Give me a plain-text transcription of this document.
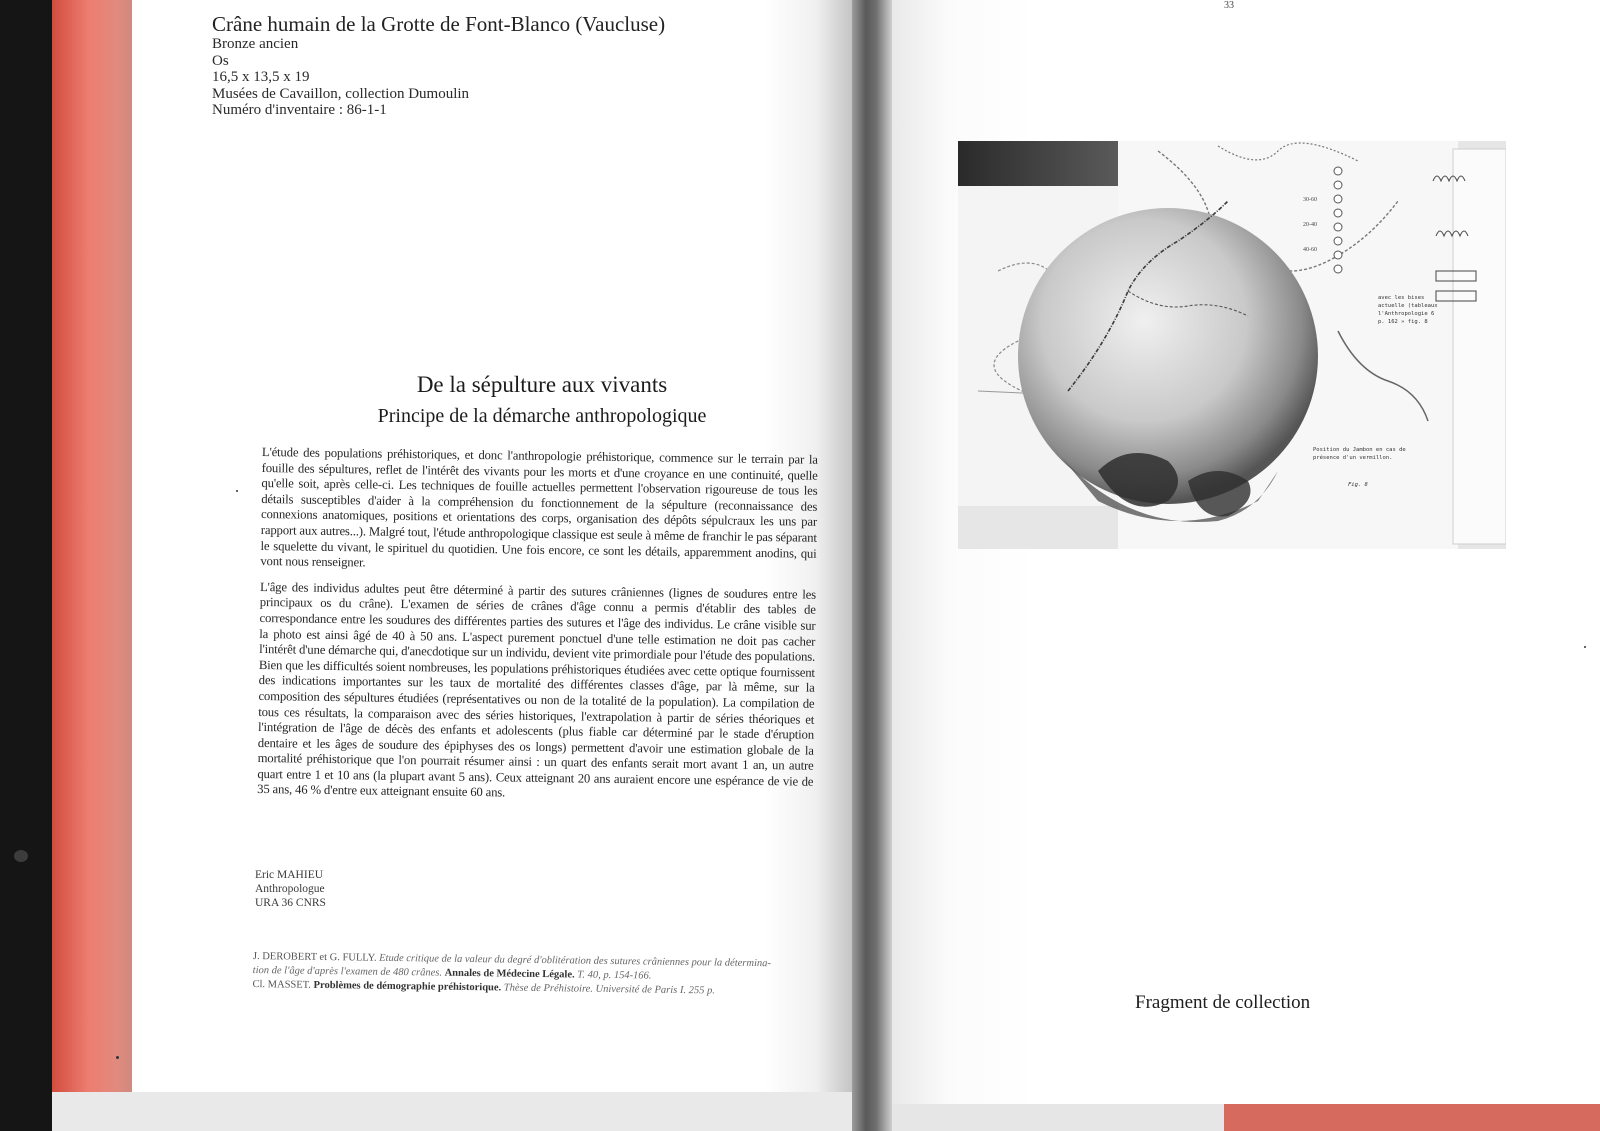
Crâne humain de la Grotte de Font-Blanco (Vaucluse)
Bronze ancien
Os
16,5 x 13,5 x 19
Musées de Cavaillon, collection Dumoulin
Numéro d'inventaire : 86-1-1
De la sépulture aux vivants
Principe de la démarche anthropologique

L'étude des populations préhistoriques, et donc l'anthropologie préhistorique, commence sur le terrain par la fouille des sépultures, reflet de l'intérêt des vivants pour les morts et d'une croyance en une continuité, quelle qu'elle soit, après celle-ci. Les techniques de fouille actuelles permettent l'observation rigoureuse de tous les détails susceptibles d'aider à la compréhension du fonctionnement de la sépulture (reconnaissance des connexions anatomiques, positions et orientations des corps, organisation des dépôts sépulcraux les uns par rapport aux autres...). Malgré tout, l'étude anthropologique classique est seule à même de franchir le pas séparant le squelette du vivant, le spirituel du quotidien. Une fois encore, ce sont les détails, apparemment anodins, qui vont nous renseigner.

L'âge des individus adultes peut être déterminé à partir des sutures crâniennes (lignes de soudures entre les principaux os du crâne). L'examen de séries de crânes d'âge connu a permis d'établir des tables de correspondance entre les soudures des différentes parties des sutures et l'âge des individus. Le crâne visible sur la photo est ainsi âgé de 40 à 50 ans. L'aspect purement ponctuel d'une telle estimation ne doit pas cacher l'intérêt d'une démarche qui, d'anecdotique sur un individu, devient vite primordiale pour l'étude des populations. Bien que les difficultés soient nombreuses, les populations préhistoriques étudiées avec cette optique fournissent des indications importantes sur les taux de mortalité des différentes classes d'âge, par là même, sur la composition des sépultures étudiées (représentatives ou non de la totalité de la population). La compilation de tous ces résultats, la comparaison avec des séries historiques, l'extrapolation à partir de séries théoriques et l'intégration de l'âge de décès des enfants et adolescents (plus fiable car déterminé par le stade d'éruption dentaire et les âges de soudure des épiphyses des os longs) permettent d'avoir une estimation globale de la mortalité préhistorique que l'on pourrait résumer ainsi : un quart des enfants serait mort avant 1 an, un autre quart entre 1 et 10 ans (la plupart avant 5 ans). Ceux atteignant 20 ans auraient encore une espérance de vie de 35 ans, 46 % d'entre eux atteignant ensuite 60 ans.

Eric MAHIEU
Anthropologue
URA 36 CNRS
J. DEROBERT et G. FULLY. Etude critique de la valeur du degré d'oblitération des sutures crâniennes pour la détermina-
tion de l'âge d'après l'examen de 480 crânes. Annales de Médecine Légale. T. 40, p. 154-166.
Cl. MASSET. Problèmes de démographie préhistorique. Thèse de Préhistoire. Université de Paris I. 255 p.
33
30-60
20-40
40-60
avec les bises
actuelle (tableaux
l'Anthropologie 6
p. 162 » fig. 8
Position du Jambon en cas de
présence d'un vermillon.
Fig. 8
Fragment de collection
